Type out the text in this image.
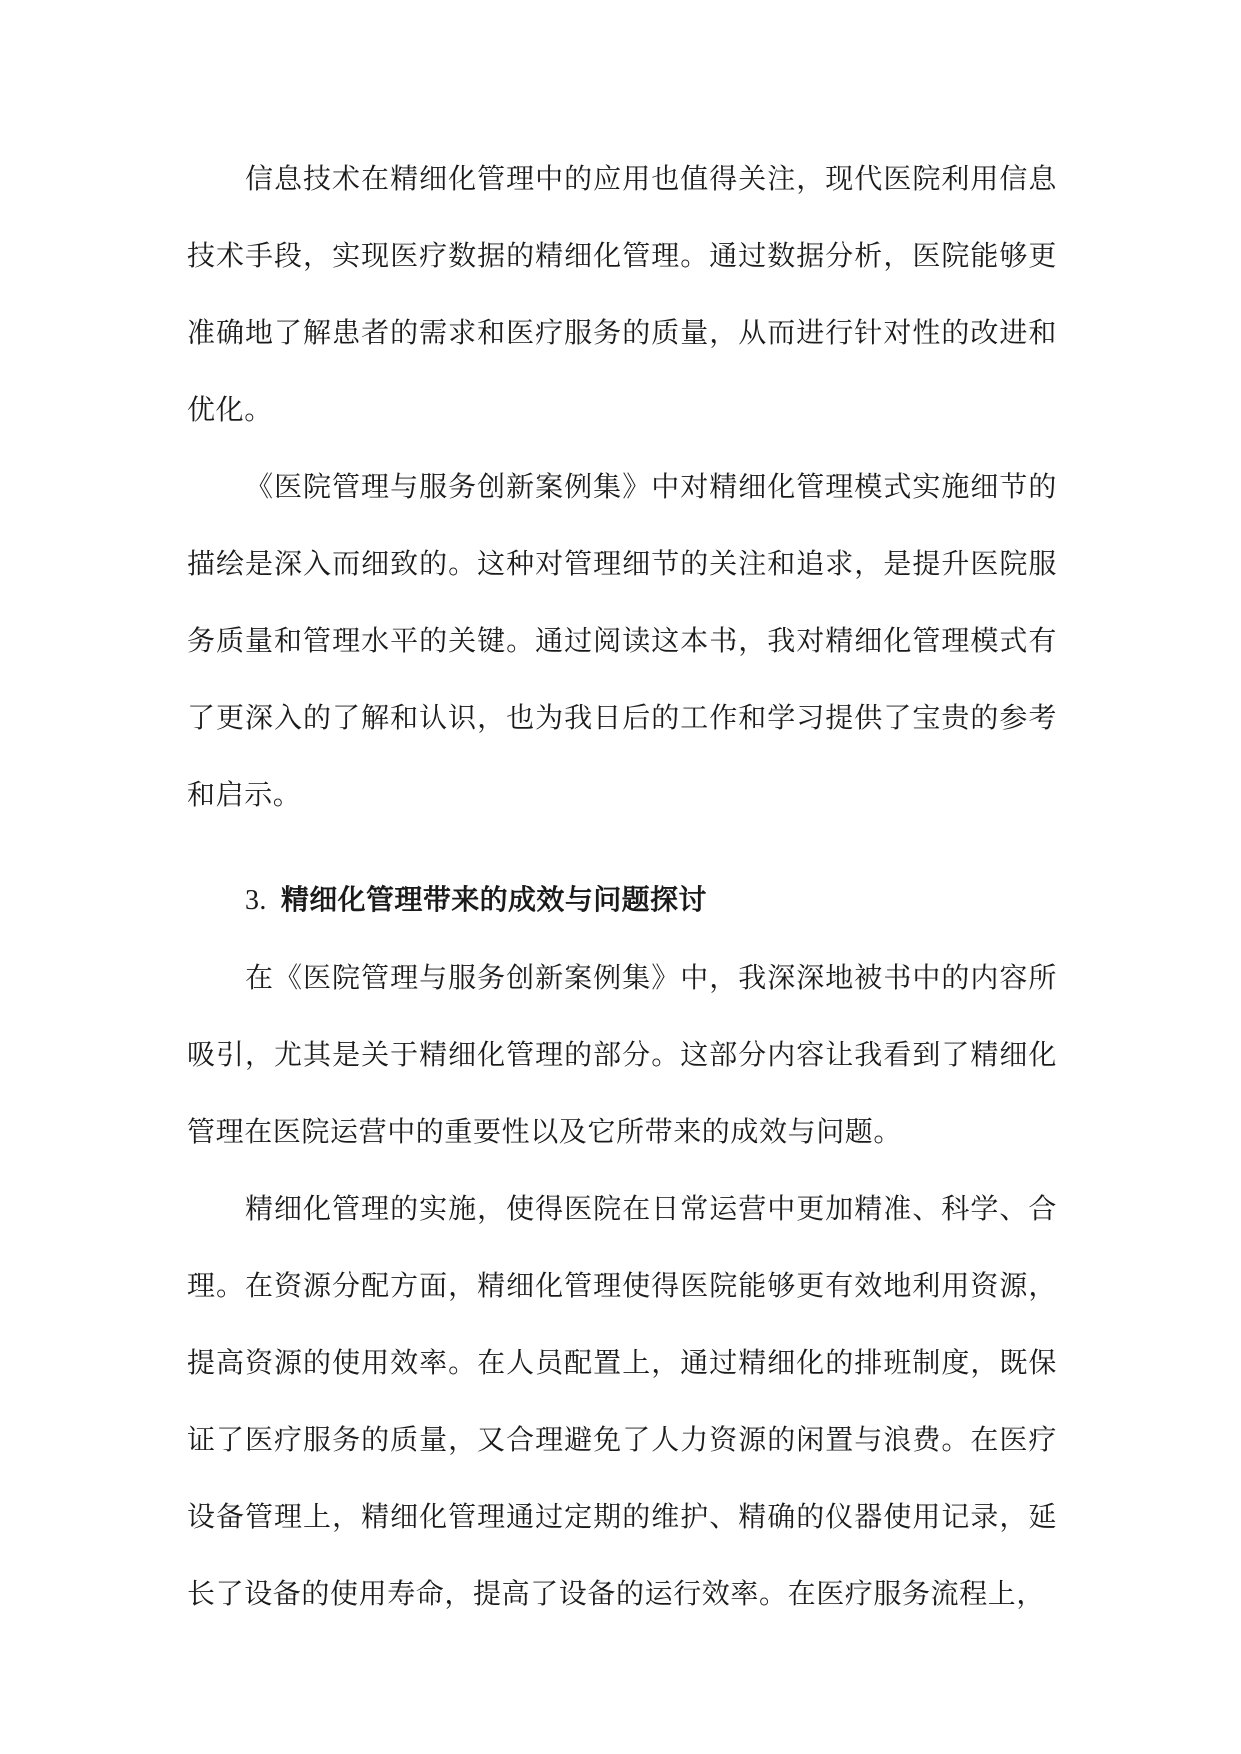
信息技术在精细化管理中的应用也值得关注，现代医院利用信息技术手段，实现医疗数据的精细化管理。通过数据分析，医院能够更准确地了解患者的需求和医疗服务的质量，从而进行针对性的改进和优化。

《医院管理与服务创新案例集》中对精细化管理模式实施细节的描绘是深入而细致的。这种对管理细节的关注和追求，是提升医院服务质量和管理水平的关键。通过阅读这本书，我对精细化管理模式有了更深入的了解和认识，也为我日后的工作和学习提供了宝贵的参考和启示。

3. 精细化管理带来的成效与问题探讨

在《医院管理与服务创新案例集》中，我深深地被书中的内容所吸引，尤其是关于精细化管理的部分。这部分内容让我看到了精细化管理在医院运营中的重要性以及它所带来的成效与问题。

精细化管理的实施，使得医院在日常运营中更加精准、科学、合理。在资源分配方面，精细化管理使得医院能够更有效地利用资源，提高资源的使用效率。在人员配置上，通过精细化的排班制度，既保证了医疗服务的质量，又合理避免了人力资源的闲置与浪费。在医疗设备管理上，精细化管理通过定期的维护、精确的仪器使用记录，延长了设备的使用寿命，提高了设备的运行效率。在医疗服务流程上，
